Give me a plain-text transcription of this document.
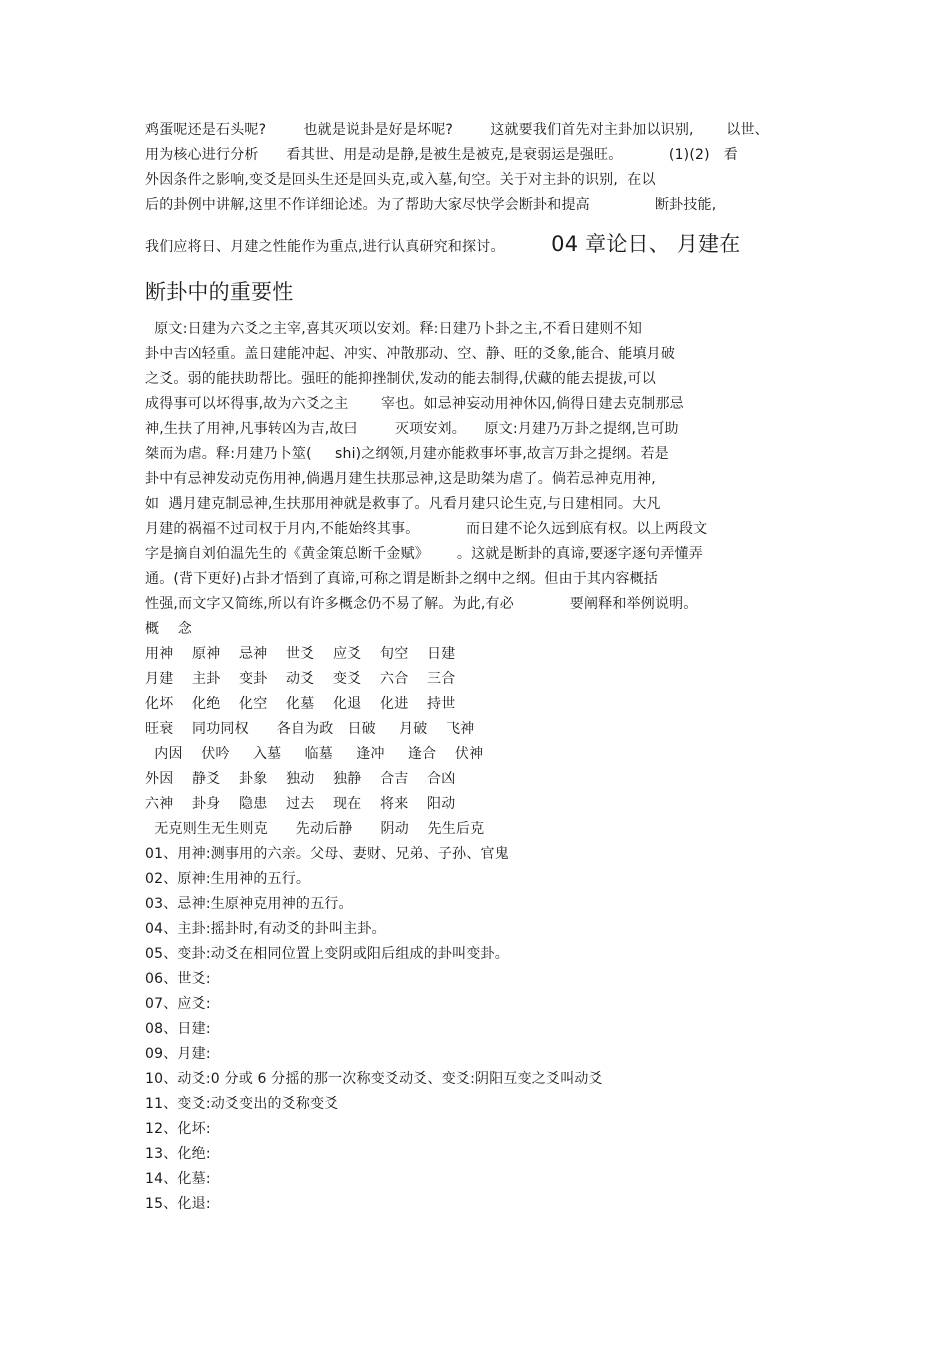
鸡蛋呢还是石头呢?        也就是说卦是好是坏呢?        这就要我们首先对主卦加以识别,       以世、
用为核心进行分析      看其世、用是动是静,是被生是被克,是衰弱运是强旺。          (1)(2)   看
外因条件之影响,变爻是回头生还是回头克,或入墓,旬空。关于对主卦的识别,  在以
后的卦例中讲解,这里不作详细论述。为了帮助大家尽快学会断卦和提高              断卦技能,
我们应将日、月建之性能作为重点,进行认真研究和探讨。          04 章论日、 月建在
断卦中的重要性
原文:日建为六爻之主宰,喜其灭项以安刘。释:日建乃卜卦之主,不看日建则不知
卦中吉凶轻重。盖日建能冲起、冲实、冲散那动、空、静、旺的爻象,能合、能填月破
之爻。弱的能扶助帮比。强旺的能抑挫制伏,发动的能去制得,伏藏的能去提拔,可以
成得事可以坏得事,故为六爻之主       宰也。如忌神妄动用神休囚,倘得日建去克制那忌
神,生扶了用神,凡事转凶为吉,故曰        灭项安刘。    原文:月建乃万卦之提纲,岂可助
桀而为虐。释:月建乃卜筮(     shi)之纲领,月建亦能救事坏事,故言万卦之提纲。若是
卦中有忌神发动克伤用神,倘遇月建生扶那忌神,这是助桀为虐了。倘若忌神克用神,
如  遇月建克制忌神,生扶那用神就是救事了。凡看月建只论生克,与日建相同。大凡
月建的祸福不过司权于月内,不能始终其事。          而日建不论久远到底有权。以上两段文
字是摘自刘伯温先生的《黄金策总断千金赋》      。这就是断卦的真谛,要逐字逐句弄懂弄
通。(背下更好)占卦才悟到了真谛,可称之谓是断卦之纲中之纲。但由于其内容概括
性强,而文字又简练,所以有许多概念仍不易了解。为此,有必            要阐释和举例说明。
概    念
用神    原神    忌神    世爻    应爻    旬空    日建
月建    主卦    变卦    动爻    变爻    六合    三合
化坏    化绝    化空    化墓    化退    化进    持世
旺衰    同功同权      各自为政   日破     月破    飞神
内因    伏吟     入墓     临墓     逢冲     逢合    伏神
外因    静爻    卦象    独动    独静    合吉    合凶
六神    卦身    隐患    过去    现在    将来    阳动
无克则生无生则克      先动后静      阴动    先生后克
01、用神:测事用的六亲。父母、妻财、兄弟、子孙、官鬼
02、原神:生用神的五行。
03、忌神:生原神克用神的五行。
04、主卦:摇卦时,有动爻的卦叫主卦。
05、变卦:动爻在相同位置上变阴或阳后组成的卦叫变卦。
06、世爻:
07、应爻:
08、日建:
09、月建:
10、动爻:0 分或 6 分摇的那一次称变爻动爻、变爻:阴阳互变之爻叫动爻
11、变爻:动爻变出的爻称变爻
12、化坏:
13、化绝:
14、化墓:
15、化退:
